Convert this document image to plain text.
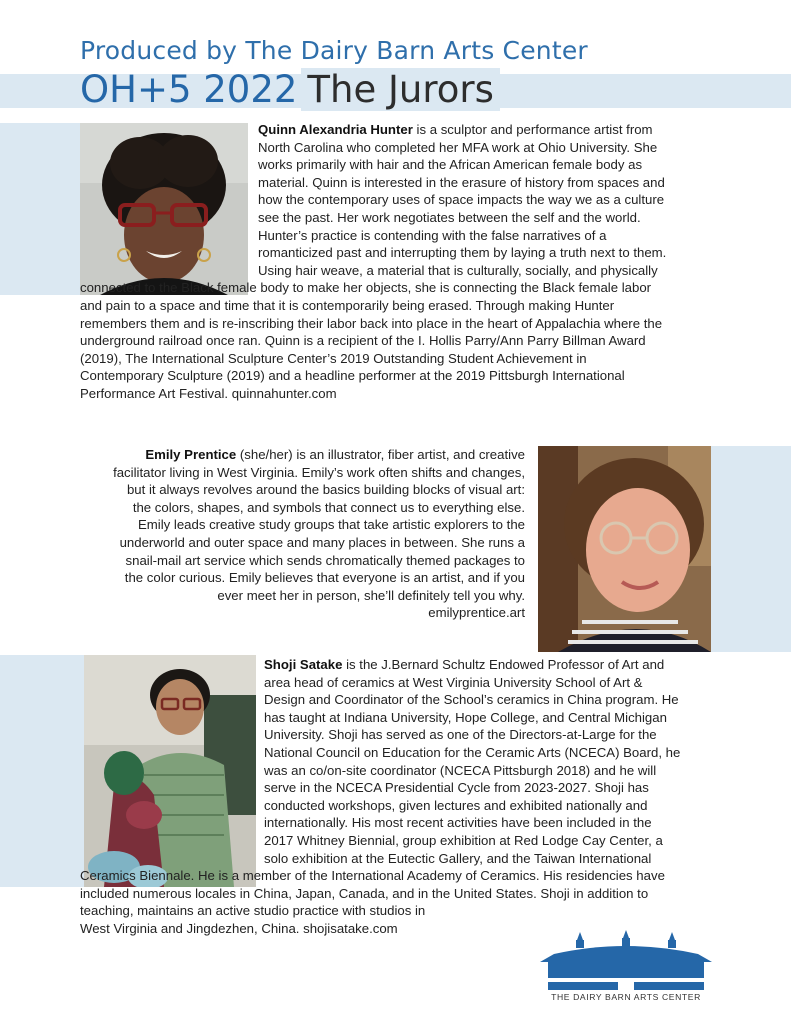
Produced by The Dairy Barn Arts Center
OH+5 2022 The Jurors
Quinn Alexandria Hunter is a sculptor and performance artist from
North Carolina who completed her MFA work at Ohio University. She
works primarily with hair and the African American female body as
material. Quinn is interested in the erasure of history from spaces and
how the contemporary uses of space impacts the way we as a culture
see the past. Her work negotiates between the self and the world.
Hunter’s practice is contending with the false narratives of a
romanticized past and interrupting them by laying a truth next to them.
Using hair weave, a material that is culturally, socially, and physically
connected to the Black female body to make her objects, she is connecting the Black female labor
and pain to a space and time that it is contemporarily being erased. Through making Hunter
remembers them and is re-inscribing their labor back into place in the heart of Appalachia where the
underground railroad once ran. Quinn is a recipient of the I. Hollis Parry/Ann Parry Billman Award
(2019), The International Sculpture Center’s 2019 Outstanding Student Achievement in
Contemporary Sculpture (2019) and a headline performer at the 2019 Pittsburgh International
Performance Art Festival. quinnahunter.com
Emily Prentice (she/her) is an illustrator, fiber artist, and creative
facilitator living in West Virginia. Emily’s work often shifts and changes,
but it always revolves around the basics building blocks of visual art:
the colors, shapes, and symbols that connect us to everything else.
Emily leads creative study groups that take artistic explorers to the
underworld and outer space and many places in between. She runs a
snail-mail art service which sends chromatically themed packages to
the color curious. Emily believes that everyone is an artist, and if you
ever meet her in person, she’ll definitely tell you why.
emilyprentice.art
Shoji Satake is the J.Bernard Schultz Endowed Professor of Art and
area head of ceramics at West Virginia University School of Art &
Design and Coordinator of the School’s ceramics in China program. He
has taught at Indiana University, Hope College, and Central Michigan
University. Shoji has served as one of the Directors-at-Large for the
National Council on Education for the Ceramic Arts (NCECA) Board, he
was an co/on-site coordinator (NCECA Pittsburgh 2018) and he will
serve in the NCECA Presidential Cycle from 2023-2027. Shoji has
conducted workshops, given lectures and exhibited nationally and
internationally. His most recent activities have been included in the
2017 Whitney Biennial, group exhibition at Red Lodge Cay Center, a
solo exhibition at the Eutectic Gallery, and the Taiwan International
Ceramics Biennale. He is a member of the International Academy of Ceramics. His residencies have
included numerous locales in China, Japan, Canada, and in the United States. Shoji in addition to
teaching, maintains an active studio practice with studios in
West Virginia and Jingdezhen, China. shojisatake.com
THE DAIRY BARN ARTS CENTER
